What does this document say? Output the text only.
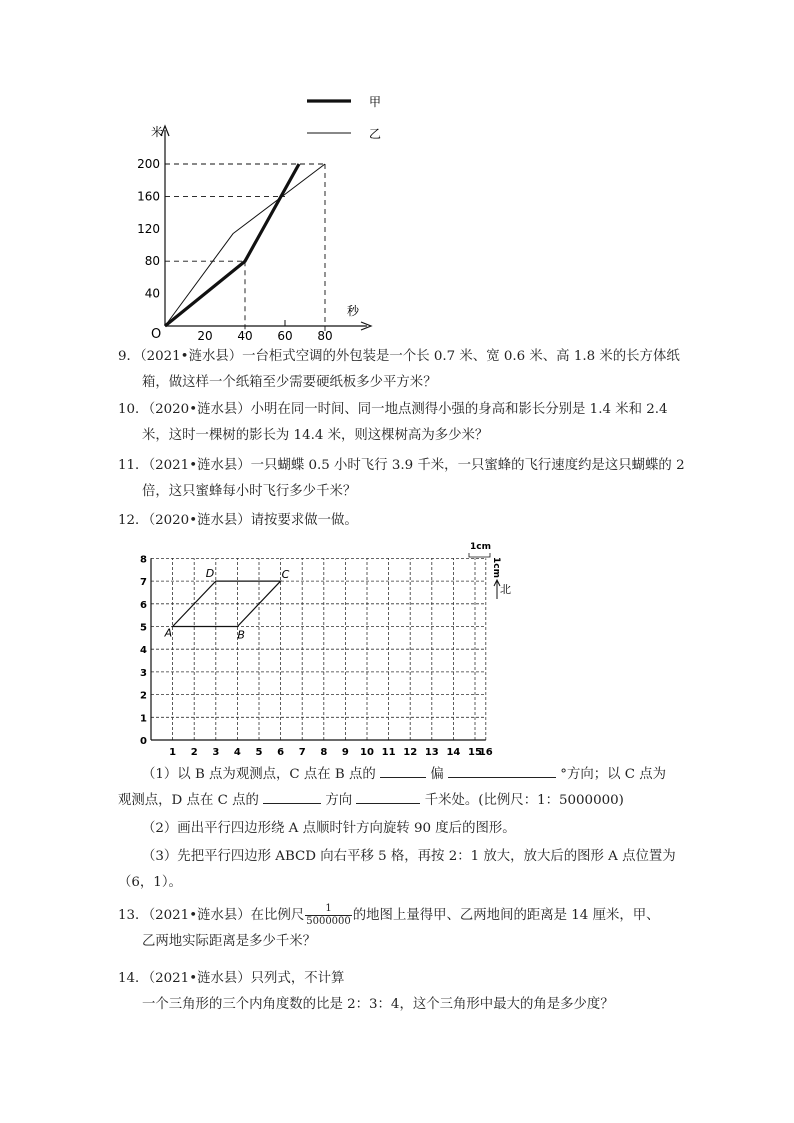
甲
乙
米
秒
O
40
80
120
160
200
20 40 60 80
9．（2021•涟水县）一台柜式空调的外包装是一个长 0.7 米、宽 0.6 米、高 1.8 米的长方体纸
箱，做这样一个纸箱至少需要硬纸板多少平方米？
10．（2020•涟水县）小明在同一时间、同一地点测得小强的身高和影长分别是 1.4 米和 2.4
米，这时一棵树的影长为 14.4 米，则这棵树高为多少米？
11．（2021•涟水县）一只蝴蝶 0.5 小时飞行 3.9 千米，一只蜜蜂的飞行速度约是这只蝴蝶的 2
倍，这只蜜蜂每小时飞行多少千米？
12．（2020•涟水县）请按要求做一做。
1 2 3 4 5 6 7 8 9 10 11 12 13 14 15
16
0
1
2
3
4
5
6
7
8
1cm
1cm
北
A	B
C
D
（1）以 B 点为观测点，C 点在 B 点的	偏	°方向；以 C 点为
观测点，D 点在 C 点的	方向	千米处。(比例尺：1：5000000)
（2）画出平行四边形绕 A 点顺时针方向旋转 90 度后的图形。
（3）先把平行四边形 ABCD 向右平移 5 格，再按 2：1 放大，放大后的图形 A 点位置为
（6，1）。
13．（2021•涟水县）在比例尺 $\frac{1}{5000000}$ 的地图上量得甲、乙两地间的距离是 14 厘米，甲、
乙两地实际距离是多少千米？
14．（2021•涟水县）只列式，不计算
一个三角形的三个内角度数的比是 2：3：4，这个三角形中最大的角是多少度？
